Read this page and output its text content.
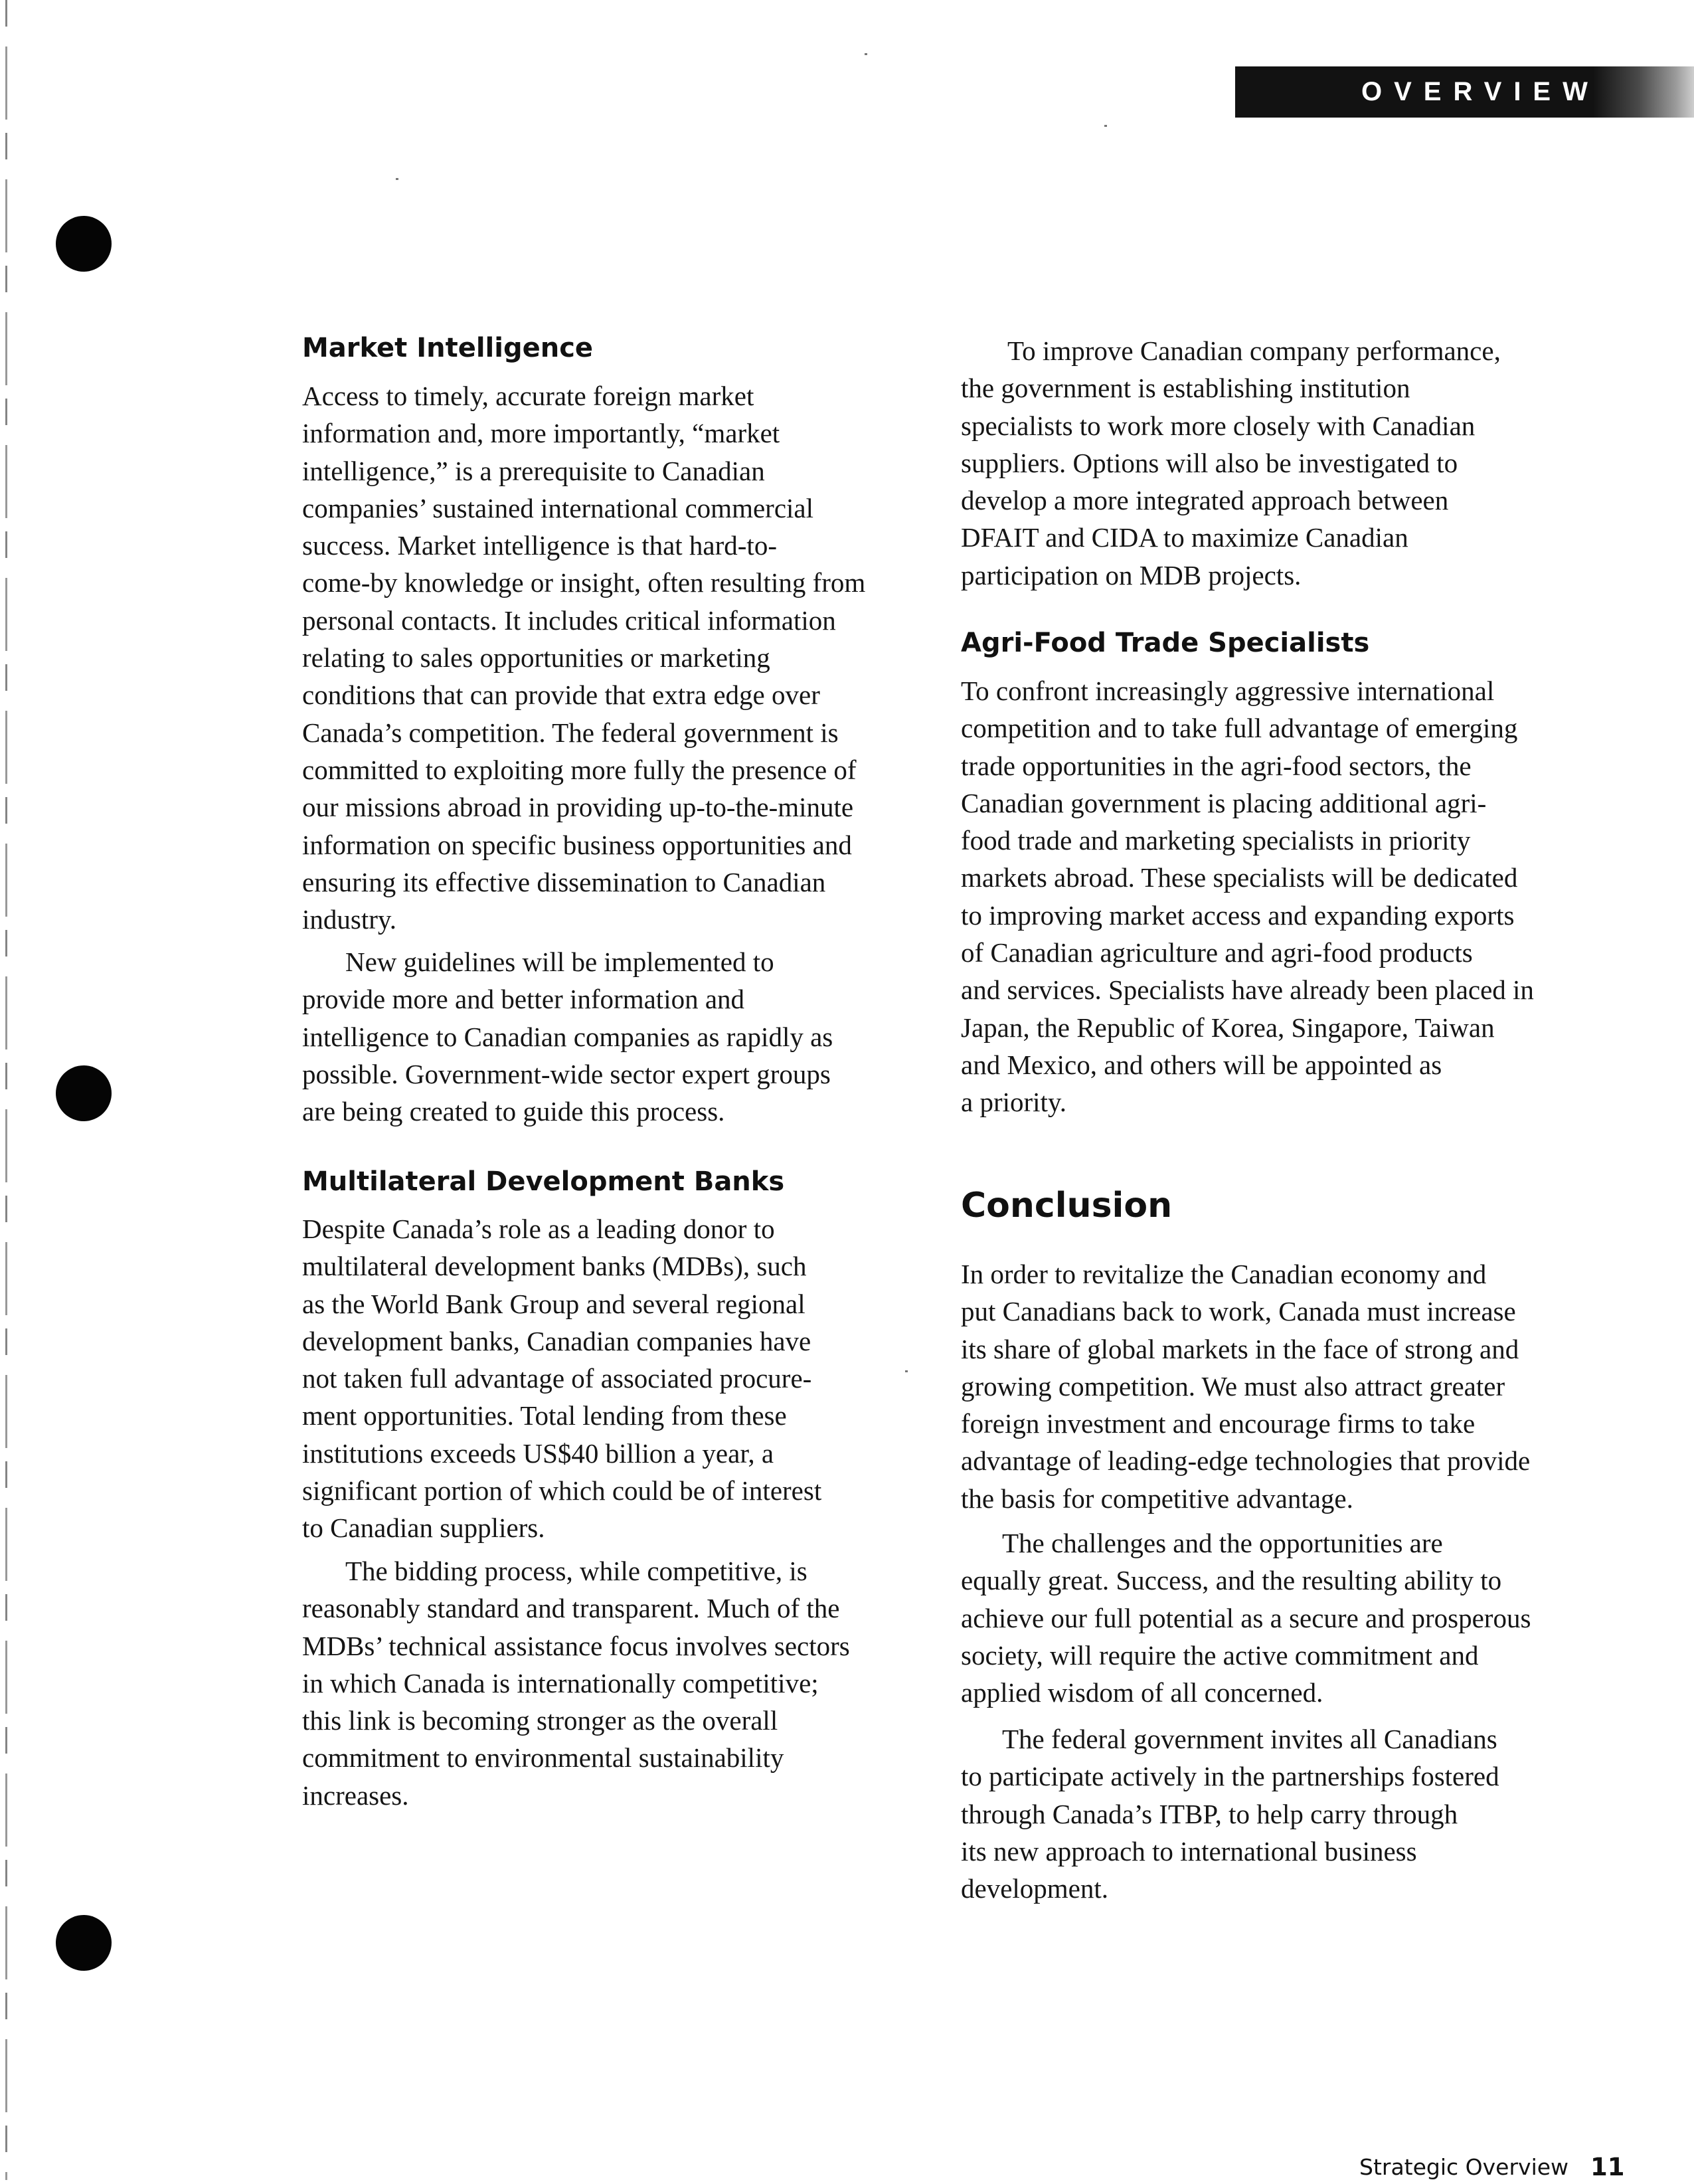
OVERVIEW
Market Intelligence

Access to timely, accurate foreign market
information and, more importantly, “market
intelligence,” is a prerequisite to Canadian
companies’ sustained international commercial
success. Market intelligence is that hard-to-
come-by knowledge or insight, often resulting from
personal contacts. It includes critical information
relating to sales opportunities or marketing
conditions that can provide that extra edge over
Canada’s competition. The federal government is
committed to exploiting more fully the presence of
our missions abroad in providing up-to-the-minute
information on specific business opportunities and
ensuring its effective dissemination to Canadian
industry.

New guidelines will be implemented to
provide more and better information and
intelligence to Canadian companies as rapidly as
possible. Government-wide sector expert groups
are being created to guide this process.

Multilateral Development Banks

Despite Canada’s role as a leading donor to
multilateral development banks (MDBs), such
as the World Bank Group and several regional
development banks, Canadian companies have
not taken full advantage of associated procure-
ment opportunities. Total lending from these
institutions exceeds US$40 billion a year, a
significant portion of which could be of interest
to Canadian suppliers.

The bidding process, while competitive, is
reasonably standard and transparent. Much of the
MDBs’ technical assistance focus involves sectors
in which Canada is internationally competitive;
this link is becoming stronger as the overall
commitment to environmental sustainability
increases.

To improve Canadian company performance,
the government is establishing institution
specialists to work more closely with Canadian
suppliers. Options will also be investigated to
develop a more integrated approach between
DFAIT and CIDA to maximize Canadian
participation on MDB projects.

Agri-Food Trade Specialists

To confront increasingly aggressive international
competition and to take full advantage of emerging
trade opportunities in the agri-food sectors, the
Canadian government is placing additional agri-
food trade and marketing specialists in priority
markets abroad. These specialists will be dedicated
to improving market access and expanding exports
of Canadian agriculture and agri-food products
and services. Specialists have already been placed in
Japan, the Republic of Korea, Singapore, Taiwan
and Mexico, and others will be appointed as
a priority.

Conclusion

In order to revitalize the Canadian economy and
put Canadians back to work, Canada must increase
its share of global markets in the face of strong and
growing competition. We must also attract greater
foreign investment and encourage firms to take
advantage of leading-edge technologies that provide
the basis for competitive advantage.

The challenges and the opportunities are
equally great. Success, and the resulting ability to
achieve our full potential as a secure and prosperous
society, will require the active commitment and
applied wisdom of all concerned.

The federal government invites all Canadians
to participate actively in the partnerships fostered
through Canada’s ITBP, to help carry through
its new approach to international business
development.

Strategic Overview 11
